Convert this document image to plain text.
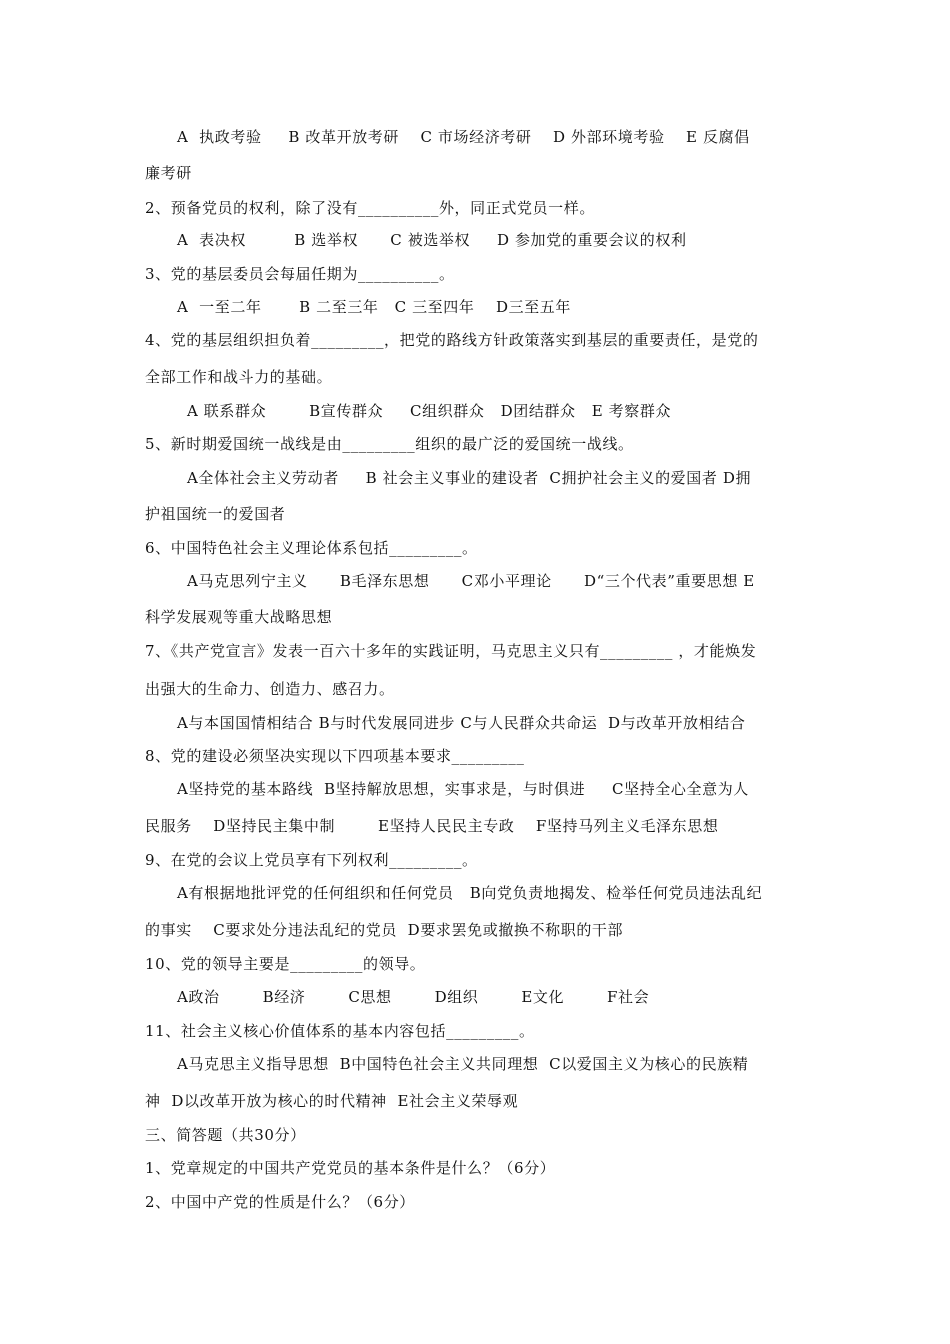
A  执政考验     B 改革开放考研    C 市场经济考研    D 外部环境考验    E 反腐倡
廉考研
2、预备党员的权利，除了没有__________外，同正式党员一样。
A  表决权         B 选举权      C 被选举权     D 参加党的重要会议的权利
3、党的基层委员会每届任期为__________。
A  一至二年       B 二至三年   C 三至四年    D三至五年
4、党的基层组织担负着_________，把党的路线方针政策落实到基层的重要责任，是党的
全部工作和战斗力的基础。
A 联系群众        B宣传群众     C组织群众   D团结群众   E 考察群众
5、新时期爱国统一战线是由_________组织的最广泛的爱国统一战线。
A全体社会主义劳动者     B 社会主义事业的建设者  C拥护社会主义的爱国者 D拥
护祖国统一的爱国者
6、中国特色社会主义理论体系包括_________。
A马克思列宁主义      B毛泽东思想      C邓小平理论      D“三个代表”重要思想 E
科学发展观等重大战略思想
7、《共产党宣言》发表一百六十多年的实践证明，马克思主义只有_________ ，才能焕发
出强大的生命力、创造力、感召力。
A与本国国情相结合 B与时代发展同进步 C与人民群众共命运  D与改革开放相结合
8、党的建设必须坚决实现以下四项基本要求_________
A坚持党的基本路线  B坚持解放思想，实事求是，与时俱进     C坚持全心全意为人
民服务    D坚持民主集中制        E坚持人民民主专政    F坚持马列主义毛泽东思想
9、在党的会议上党员享有下列权利_________。
A有根据地批评党的任何组织和任何党员   B向党负责地揭发、检举任何党员违法乱纪
的事实    C要求处分违法乱纪的党员  D要求罢免或撤换不称职的干部
10、党的领导主要是_________的领导。
A政治        B经济        C思想        D组织        E文化        F社会
11、社会主义核心价值体系的基本内容包括_________。
A马克思主义指导思想  B中国特色社会主义共同理想  C以爱国主义为核心的民族精
神  D以改革开放为核心的时代精神  E社会主义荣辱观
三、简答题（共30分）
1、党章规定的中国共产党党员的基本条件是什么？（6分）
2、中国中产党的性质是什么？（6分）
